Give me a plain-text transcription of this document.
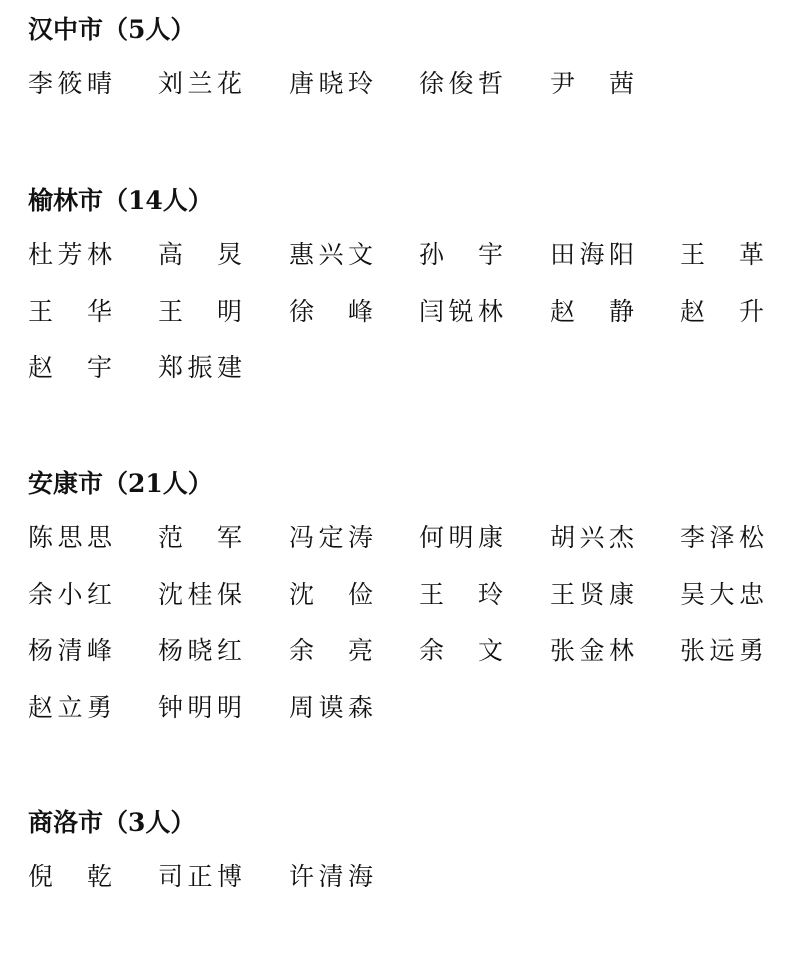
汉中市（5人）
李 筱 晴 刘 兰 花 唐 晓 玲 徐 俊 哲 尹 茜
榆林市（14人）
杜 芳 林 高 炅 惠 兴 文 孙 宇 田 海 阳 王 革
王 华 王 明 徐 峰 闫 锐 林 赵 静 赵 升
赵 宇 郑 振 建
安康市（21人）
陈 思 思 范 军 冯 定 涛 何 明 康 胡 兴 杰 李 泽 松
余 小 红 沈 桂 保 沈 俭 王 玲 王 贤 康 吴 大 忠
杨 清 峰 杨 晓 红 余 亮 余 文 张 金 林 张 远 勇
赵 立 勇 钟 明 明 周 谟 森
商洛市（3人）
倪 乾 司 正 博 许 清 海
